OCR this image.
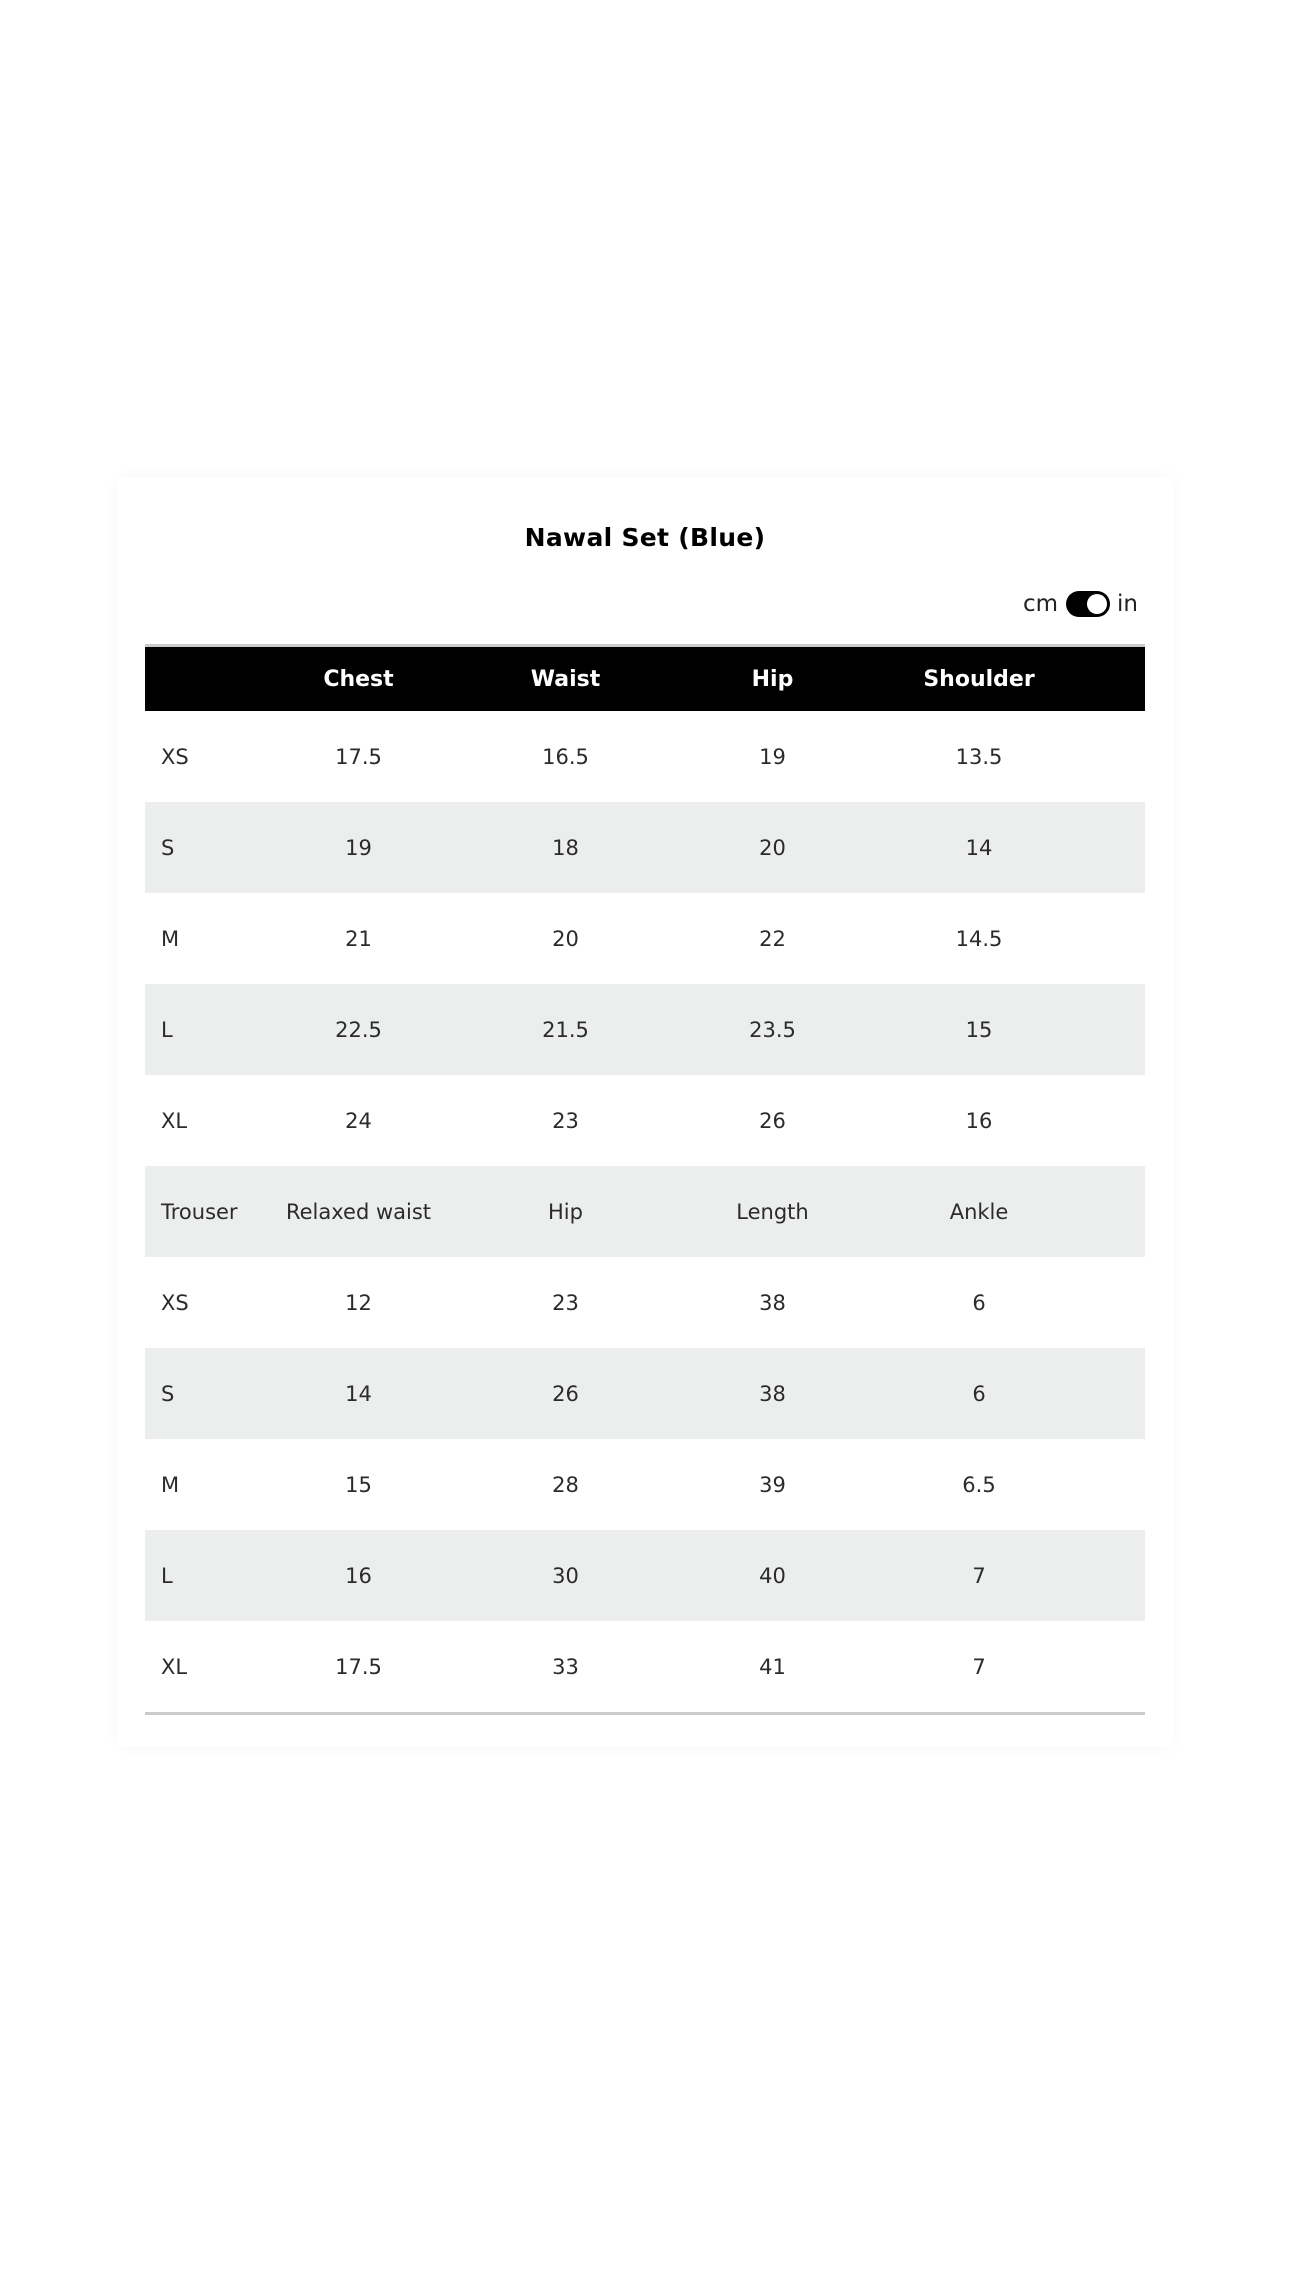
Nawal Set (Blue)
cm	in
	Chest	Waist	Hip	Shoulder	
XS	17.5	16.5	19	13.5	
S	19	18	20	14	
M	21	20	22	14.5	
L	22.5	21.5	23.5	15	
XL	24	23	26	16	
Trouser	Relaxed waist	Hip	Length	Ankle	
XS	12	23	38	6	
S	14	26	38	6	
M	15	28	39	6.5	
L	16	30	40	7	
XL	17.5	33	41	7	
